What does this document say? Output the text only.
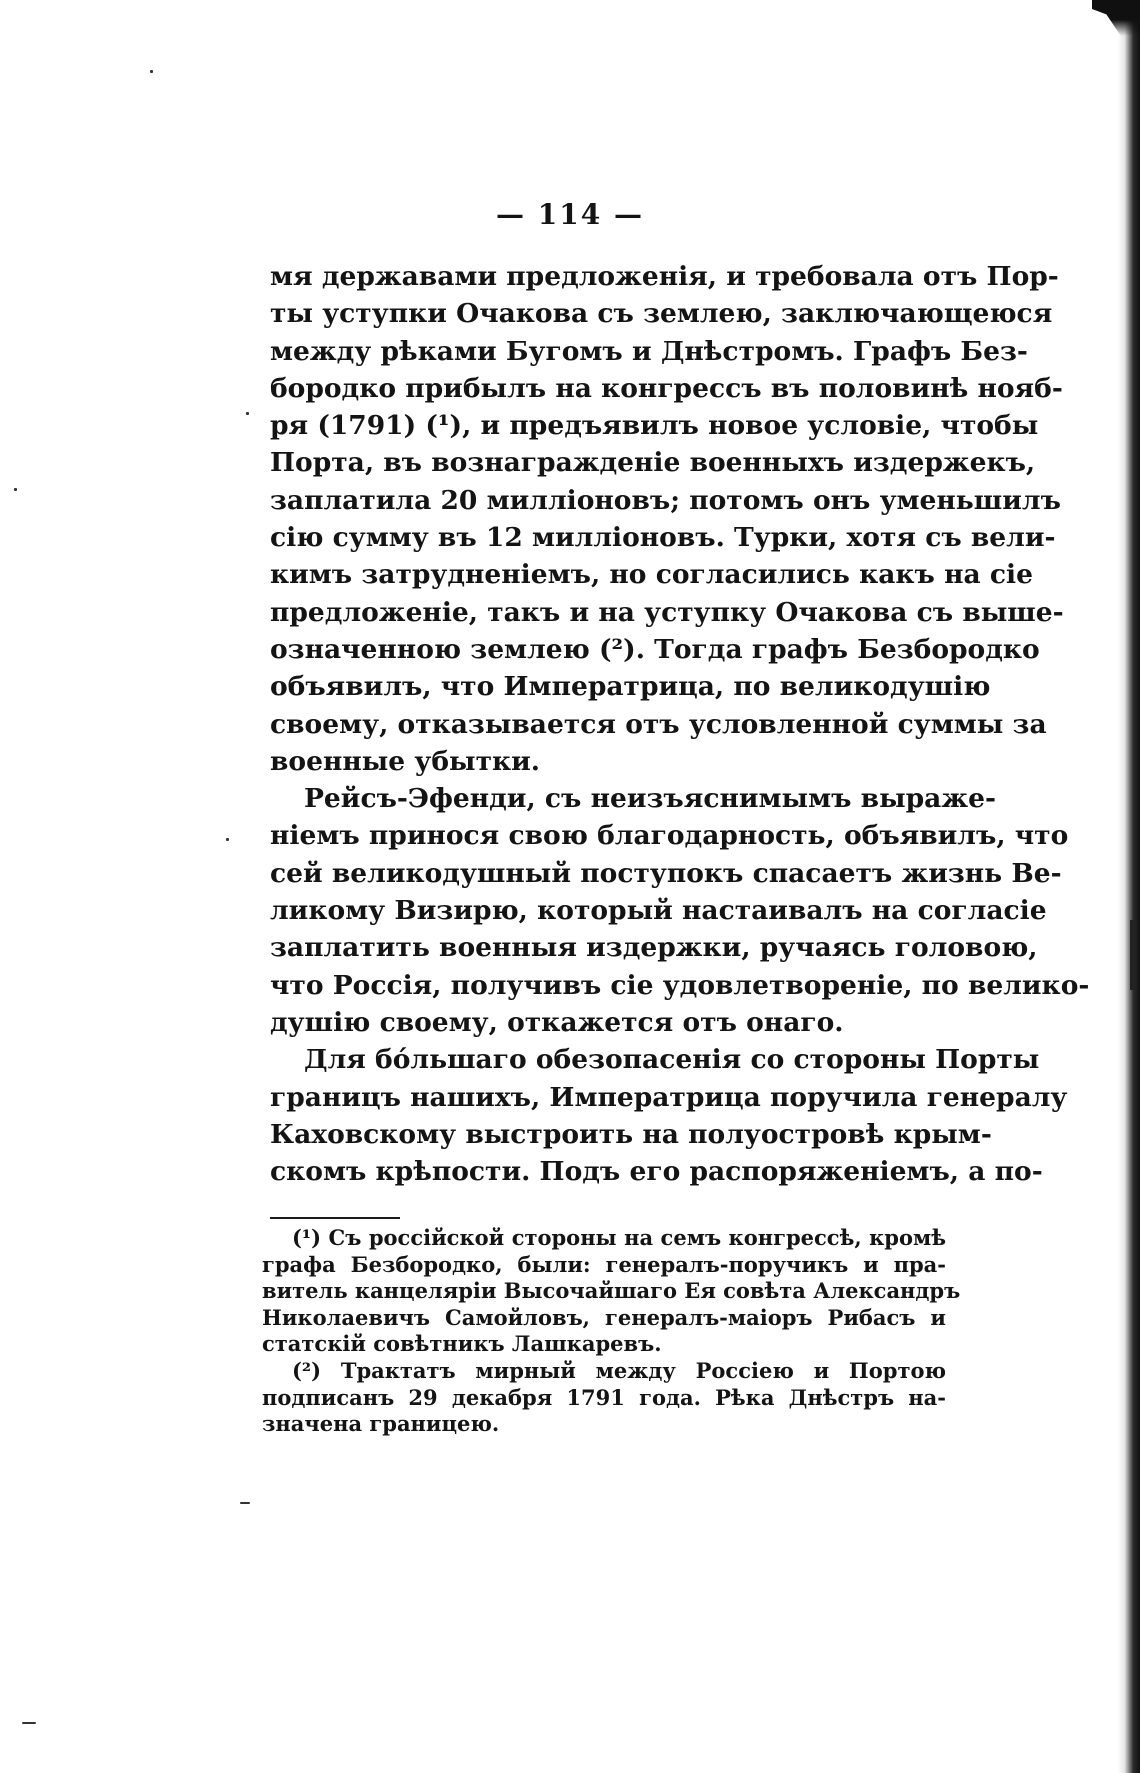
— 114 —
мя державами предложенія, и требовала отъ Пор-
ты уступки Очакова съ землею, заключающеюся
между рѣками Бугомъ и Днѣстромъ. Графъ Без-
бородко прибылъ на конгрессъ въ половинѣ нояб-
ря (1791) (¹), и предъявилъ новое условіе, чтобы
Порта, въ вознагражденіе военныхъ издержекъ,
заплатила 20 милліоновъ; потомъ онъ уменьшилъ
сію сумму въ 12 милліоновъ. Турки, хотя съ вели-
кимъ затрудненіемъ, но согласились какъ на сіе
предложеніе, такъ и на уступку Очакова съ выше-
означенною землею (²). Тогда графъ Безбородко
объявилъ, что Императрица, по великодушію
своему, отказывается отъ условленной суммы за
военные убытки.
Рейсъ-Эфенди, съ неизъяснимымъ выраже-
ніемъ принося свою благодарность, объявилъ, что
сей великодушный поступокъ спасаетъ жизнь Ве-
ликому Визирю, который настаивалъ на согласіе
заплатить военныя издержки, ручаясь головою,
что Россія, получивъ сіе удовлетвореніе, по велико-
душію своему, откажется отъ онаго.
Для бóльшаго обезопасенія со стороны Порты
границъ нашихъ, Императрица поручила генералу
Каховскому выстроить на полуостровѣ крым-
скомъ крѣпости. Подъ его распоряженіемъ, а по-
(¹) Съ россійской стороны на семъ конгрессѣ, кромѣ
графа Безбородко, были: генералъ-поручикъ и пра-
витель канцеляріи Высочайшаго Ея совѣта Александръ
Николаевичъ Самойловъ, генералъ-маіоръ Рибасъ и
статскій совѣтникъ Лашкаревъ.
(²) Трактатъ мирный между Россіею и Портою
подписанъ 29 декабря 1791 года. Рѣка Днѣстръ на-
значена границею.
